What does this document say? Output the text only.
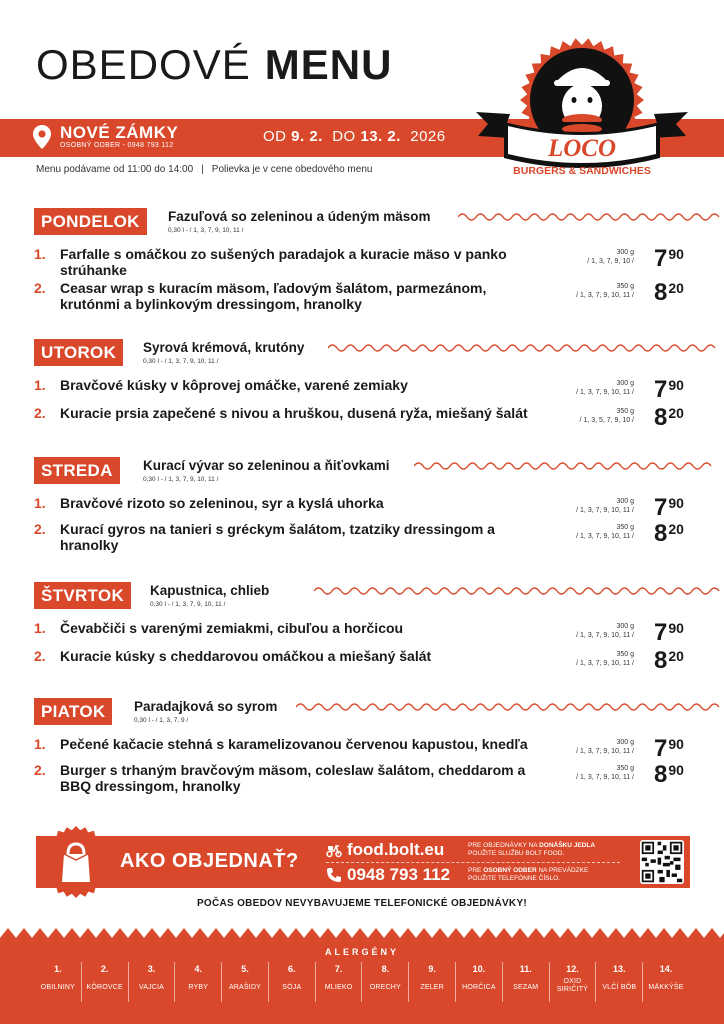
OBEDOVÉ MENU
NOVÉ ZÁMKY
OSOBNÝ ODBER - 0948 793 112
OD 9. 2. DO 13. 2. 2026
Menu podávame od 11:00 do 14:00 | Polievka je v cene obedového menu
LOCO
BURGERS & SANDWICHES
PONDELOK	Fazuľová so zeleninou a údeným mäsom
0,30 l - / 1, 3, 7, 9, 10, 11 /
1. Farfalle s omáčkou zo sušených paradajok a kuracie mäso v panko strúhanke
300 g
/ 1, 3, 7, 9, $10 / 7^{90}$
2. Ceasar wrap s kuracím mäsom, ľadovým šalátom, parmezánom, krutónmi a bylinkovým dressingom, hranolky
350 g
/ 1, 3, 7, 9, 10, $11 / 8^{20}$
UTOROK	Syrová krémová, krutóny
0,30 l - / 1, 3, 7, 9, 10, 11 /
1. Bravčové kúsky v kôprovej omáčke, varené zemiaky	300 g
/ 1, 3, 7, 9, 10, $11 / 7^{90}$
2. Kuracie prsia zapečené s nivou a hruškou, dusená ryža, miešaný šalát	350 g
/ 1, 3, 5, 7, 9, $10 / 8^{20}$
STREDA	Kurací vývar so zeleninou a ňiťovkami
0,30 l - / 1, 3, 7, 9, 10, 11 /
1. Bravčové rizoto so zeleninou, syr a kyslá uhorka	300 g
/ 1, 3, 7, 9, 10, $11 / 7^{90}$
2. Kurací gyros na tanieri s gréckym šalátom, tzatziky dressingom a hranolky
350 g
/ 1, 3, 7, 9, 10, $11 / 8^{20}$
ŠTVRTOK	Kapustnica, chlieb
0,30 l - / 1, 3, 7, 9, 10, 11 /
1. Čevabčiči s varenými zemiakmi, cibuľou a horčicou	300 g
/ 1, 3, 7, 9, 10, $11 / 7^{90}$
2. Kuracie kúsky s cheddarovou omáčkou a miešaný šalát	350 g
/ 1, 3, 7, 9, 10, $11 / 8^{20}$
PIATOK	Paradajková so syrom
0,30 l - / 1, 3, 7, 9 /
1. Pečené kačacie stehná s karamelizovanou červenou kapustou, knedľa	300 g
/ 1, 3, 7, 9, 10, $11 / 7^{90}$
2. Burger s trhaným bravčovým mäsom, coleslaw šalátom, cheddarom a BBQ dressingom, hranolky
350 g
/ 1, 3, 7, 9, 10, $11 / 8^{90}$
AKO OBJEDNAŤ?
food.bolt.eu	PRE OBJEDNÁVKY NA DONÁŠKU JEDLA
POUŽITE SLUŽBU BOLT FOOD.
0948 793 112	PRE OSOBNÝ ODBER NA PREVÁDZKE
POUŽITE TELEFÓNNE ČÍSLO.
POČAS OBEDOV NEVYBAVUJEME TELEFONICKÉ OBJEDNÁVKY!
ALERGÉNY
1.
OBILNINY
2.
KÔROVCE
3.
VAJCIA
4.
RYBY
5.
ARAŠIDY
6.
SÓJA
7.
MLIEKO
8.
ORECHY
9.
ZELER
10.
HORČICA
11.
SEZAM
12.
OXID SIRIČITÝ
13.
VLČÍ BÔB
14.
MÄKKÝŠE
